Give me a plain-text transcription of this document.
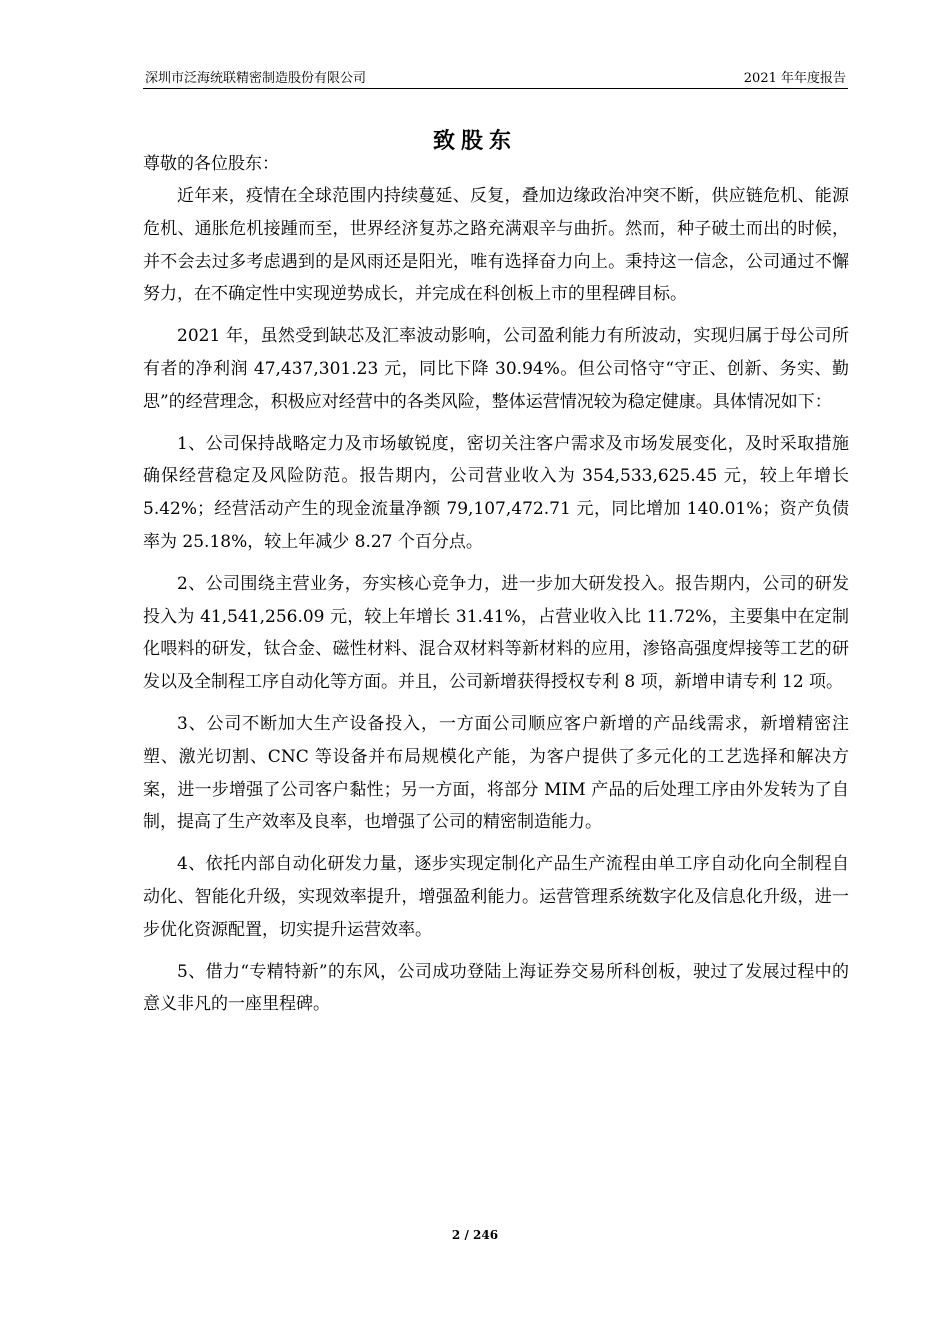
深圳市泛海统联精密制造股份有限公司	2021 年年度报告
致股东

尊敬的各位股东：

近年来，疫情在全球范围内持续蔓延、反复，叠加边缘政治冲突不断，供应链危机、能源危机、通胀危机接踵而至，世界经济复苏之路充满艰辛与曲折。然而，种子破土而出的时候，并不会去过多考虑遇到的是风雨还是阳光，唯有选择奋力向上。秉持这一信念，公司通过不懈努力，在不确定性中实现逆势成长，并完成在科创板上市的里程碑目标。

2021 年，虽然受到缺芯及汇率波动影响，公司盈利能力有所波动，实现归属于母公司所有者的净利润 47,437,301.23 元，同比下降 30.94%。但公司恪守“守正、创新、务实、勤思”的经营理念，积极应对经营中的各类风险，整体运营情况较为稳定健康。具体情况如下：

1、公司保持战略定力及市场敏锐度，密切关注客户需求及市场发展变化，及时采取措施确保经营稳定及风险防范。报告期内，公司营业收入为 354,533,625.45 元，较上年增长 5.42%；经营活动产生的现金流量净额 79,107,472.71 元，同比增加 140.01%；资产负债率为 25.18%，较上年减少 8.27 个百分点。

2、公司围绕主营业务，夯实核心竞争力，进一步加大研发投入。报告期内，公司的研发投入为 41,541,256.09 元，较上年增长 31.41%，占营业收入比 11.72%，主要集中在定制化喂料的研发，钛合金、磁性材料、混合双材料等新材料的应用，渗铬高强度焊接等工艺的研发以及全制程工序自动化等方面。并且，公司新增获得授权专利 8 项，新增申请专利 12 项。

3、公司不断加大生产设备投入，一方面公司顺应客户新增的产品线需求，新增精密注塑、激光切割、CNC 等设备并布局规模化产能，为客户提供了多元化的工艺选择和解决方案，进一步增强了公司客户黏性；另一方面，将部分 MIM 产品的后处理工序由外发转为了自制，提高了生产效率及良率，也增强了公司的精密制造能力。

4、依托内部自动化研发力量，逐步实现定制化产品生产流程由单工序自动化向全制程自动化、智能化升级，实现效率提升，增强盈利能力。运营管理系统数字化及信息化升级，进一步优化资源配置，切实提升运营效率。

5、借力“专精特新”的东风，公司成功登陆上海证券交易所科创板，驶过了发展过程中的意义非凡的一座里程碑。

2 / 246
